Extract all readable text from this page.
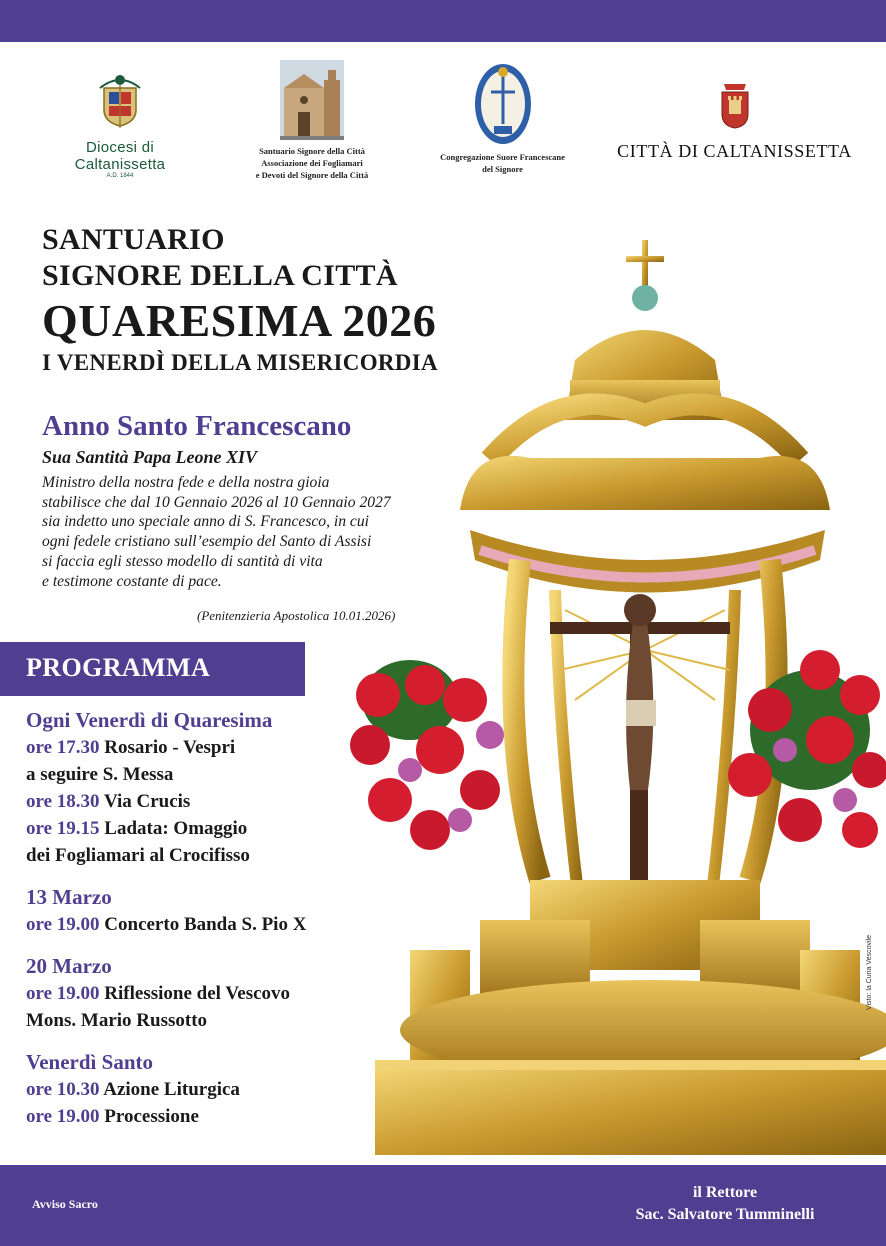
Diocesi di Caltanissetta
A.D. 1844
Santuario Signore della Città
Associazione dei Fogliamari
e Devoti del Signore della Città
Congregazione Suore Francescane
del Signore
CITTÀ DI CALTANISSETTA
SANTUARIO
SIGNORE DELLA CITTÀ
QUARESIMA 2026
I VENERDÌ DELLA MISERICORDIA
Anno Santo Francescano
Sua Santità Papa Leone XIV
Ministro della nostra fede e della nostra gioia
stabilisce che dal 10 Gennaio 2026 al 10 Gennaio 2027
sia indetto uno speciale anno di S. Francesco, in cui
ogni fedele cristiano sull’esempio del Santo di Assisi
si faccia egli stesso modello di santità di vita
e testimone costante di pace.
(Penitenzieria Apostolica 10.01.2026)
PROGRAMMA
Ogni Venerdì di Quaresima
ore 17.30 Rosario - Vespri
a seguire S. Messa
ore 18.30 Via Crucis
ore 19.15 Ladata: Omaggio
dei Fogliamari al Crocifisso
13 Marzo
ore 19.00 Concerto Banda S. Pio X
20 Marzo
ore 19.00 Riflessione del Vescovo
Mons. Mario Russotto
Venerdì Santo
ore 10.30 Azione Liturgica
ore 19.00 Processione
Visto: la Curia Vescovile
Avviso Sacro
il Rettore
Sac. Salvatore Tumminelli
